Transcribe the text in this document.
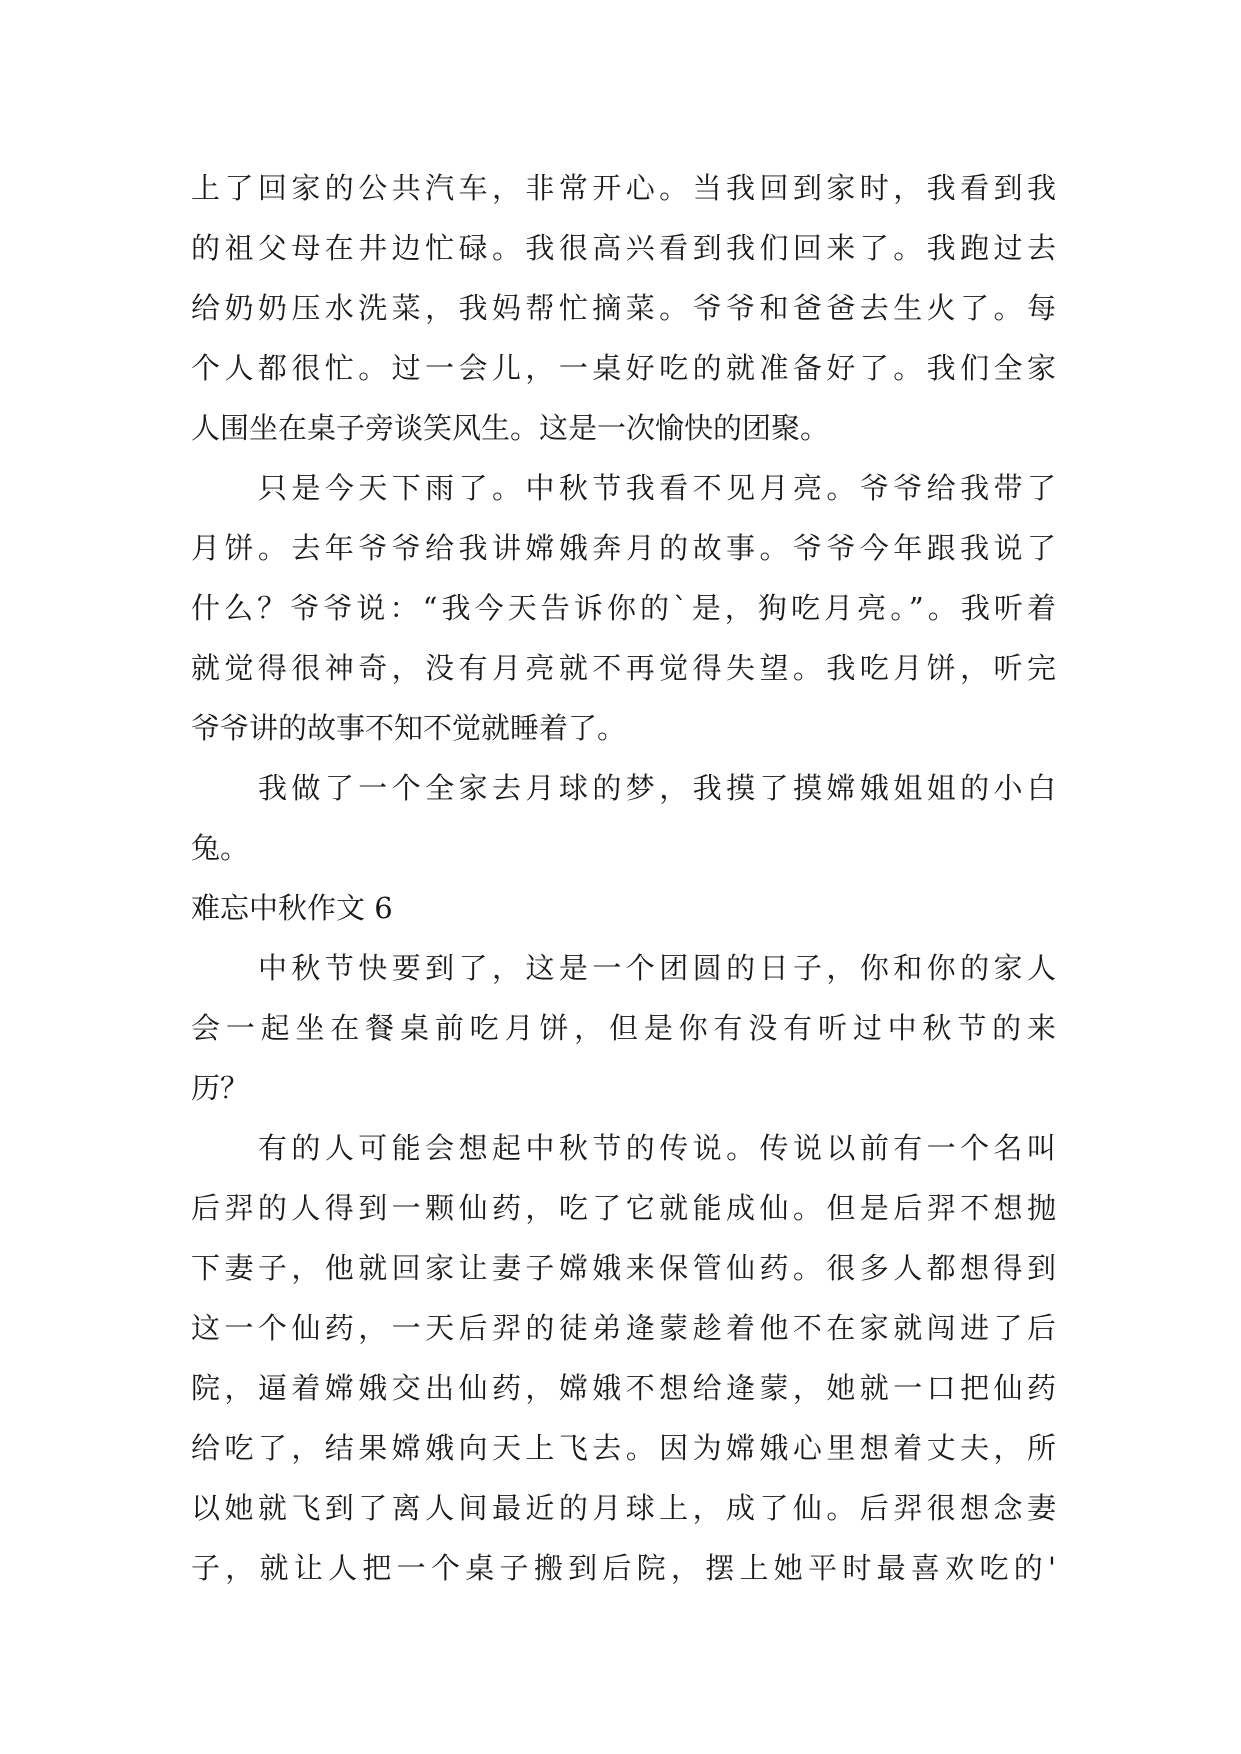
上了回家的公共汽车，非常开心。当我回到家时，我看到我
的祖父母在井边忙碌。我很高兴看到我们回来了。我跑过去
给奶奶压水洗菜，我妈帮忙摘菜。爷爷和爸爸去生火了。每
个人都很忙。过一会儿，一桌好吃的就准备好了。我们全家
人围坐在桌子旁谈笑风生。这是一次愉快的团聚。
只是今天下雨了。中秋节我看不见月亮。爷爷给我带了
月饼。去年爷爷给我讲嫦娥奔月的故事。爷爷今年跟我说了
什么？爷爷说：“我今天告诉你的`是，狗吃月亮。”。我听着
就觉得很神奇，没有月亮就不再觉得失望。我吃月饼，听完
爷爷讲的故事不知不觉就睡着了。
我做了一个全家去月球的梦，我摸了摸嫦娥姐姐的小白
兔。
难忘中秋作文 6
中秋节快要到了，这是一个团圆的日子，你和你的家人
会一起坐在餐桌前吃月饼，但是你有没有听过中秋节的来
历？
有的人可能会想起中秋节的传说。传说以前有一个名叫
后羿的人得到一颗仙药，吃了它就能成仙。但是后羿不想抛
下妻子，他就回家让妻子嫦娥来保管仙药。很多人都想得到
这一个仙药，一天后羿的徒弟逄蒙趁着他不在家就闯进了后
院，逼着嫦娥交出仙药，嫦娥不想给逄蒙，她就一口把仙药
给吃了，结果嫦娥向天上飞去。因为嫦娥心里想着丈夫，所
以她就飞到了离人间最近的月球上，成了仙。后羿很想念妻
子，就让人把一个桌子搬到后院，摆上她平时最喜欢吃的'
